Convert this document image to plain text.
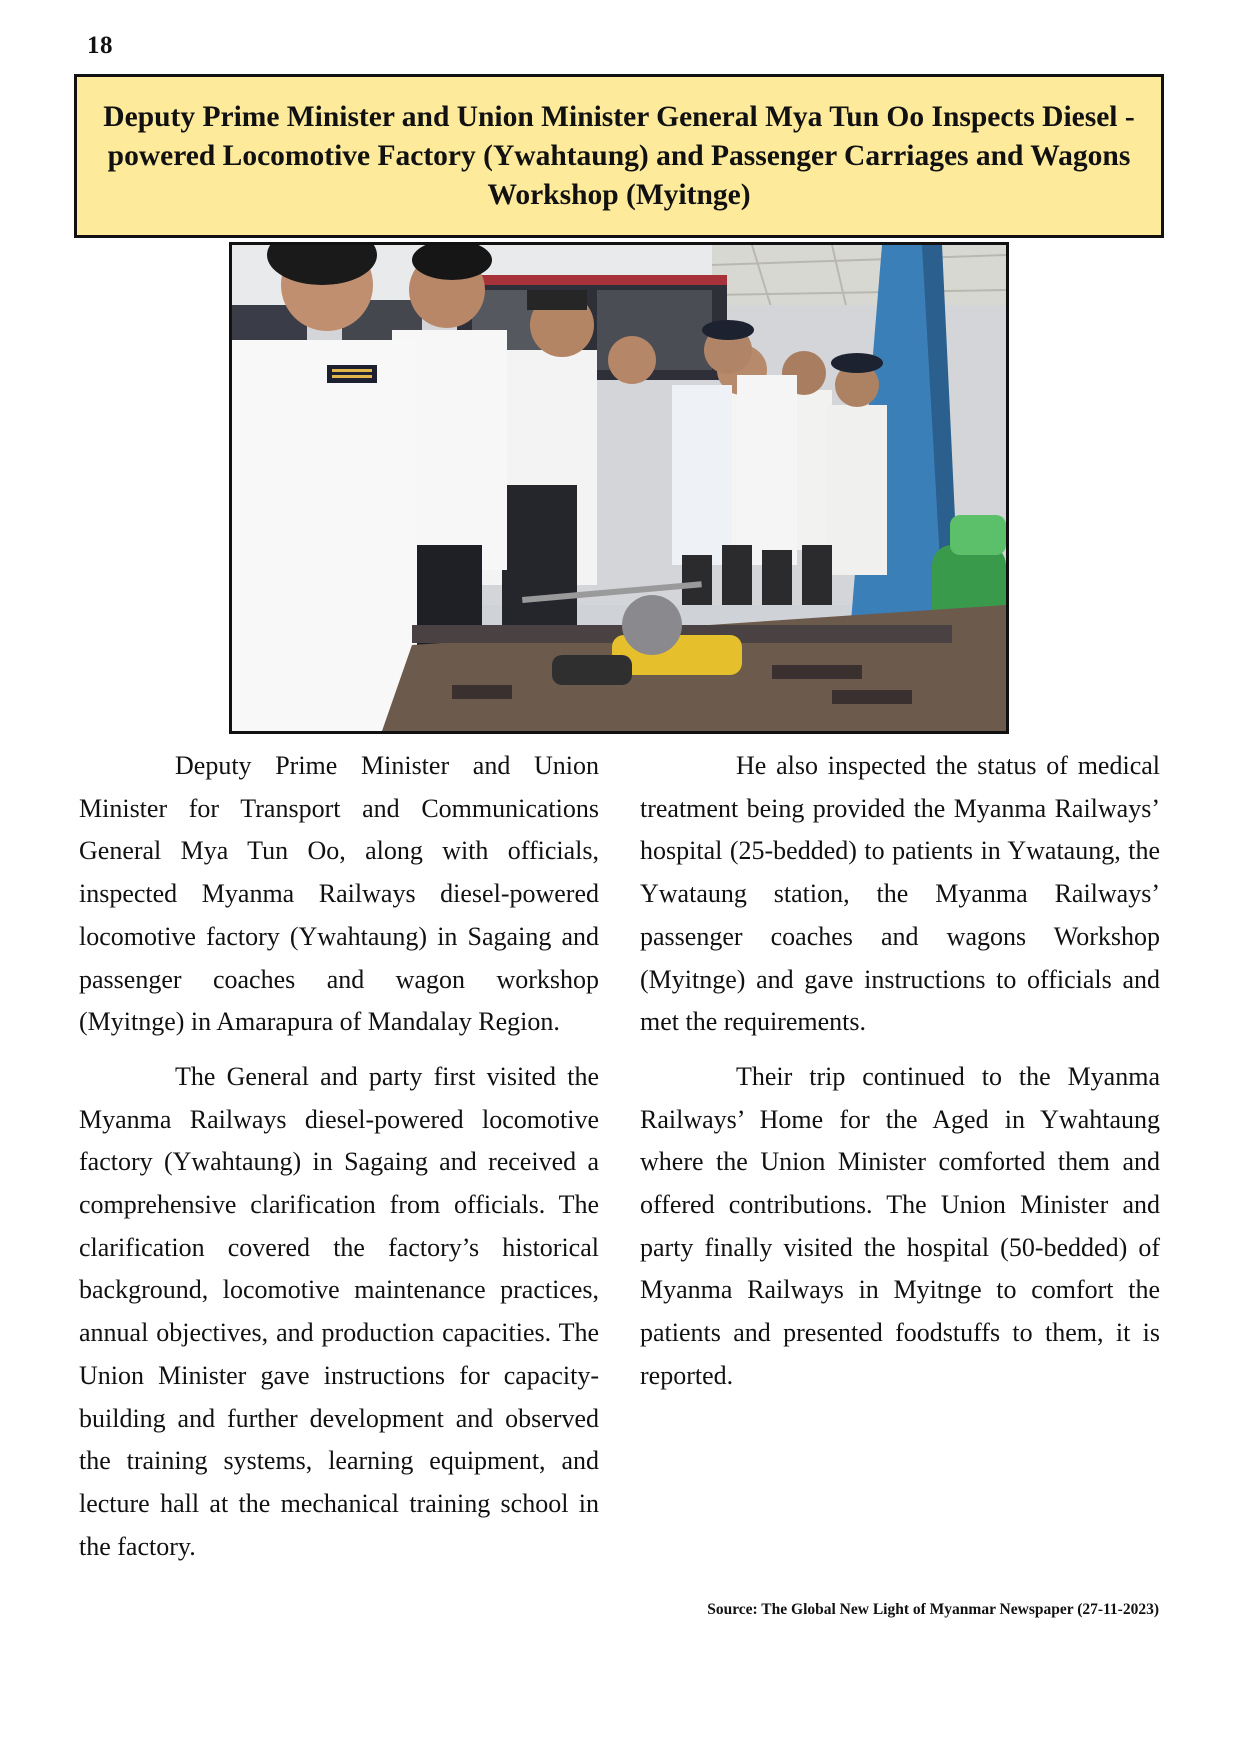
18
Deputy Prime Minister and Union Minister General Mya Tun Oo Inspects Diesel -powered Locomotive Factory (Ywahtaung) and Passenger Carriages and Wagons Workshop (Myitnge)

Deputy Prime Minister and Union Minister for Transport and Communications General Mya Tun Oo, along with officials, inspected Myanma Railways diesel-powered locomotive factory (Ywahtaung) in Sagaing and passenger coaches and wagon workshop (Myitnge) in Amarapura of Mandalay Region.

The General and party first visited the Myanma Railways diesel-powered locomotive factory (Ywahtaung) in Sagaing and received a comprehensive clarification from officials. The clarification covered the factory’s historical background, locomotive maintenance practices, annual objectives, and production capacities. The Union Minister gave instructions for capacity-building and further development and observed the training systems, learning equipment, and lecture hall at the mechanical training school in the factory.

He also inspected the status of medical treatment being provided the Myanma Railways’ hospital (25-bedded) to patients in Ywataung, the Ywataung station, the Myanma Railways’ passenger coaches and wagons Workshop (Myitnge) and gave instructions to officials and met the requirements.

Their trip continued to the Myanma Railways’ Home for the Aged in Ywahtaung where the Union Minister comforted them and offered contributions. The Union Minister and party finally visited the hospital (50-bedded) of Myanma Railways in Myitnge to comfort the patients and presented foodstuffs to them, it is reported.

Source: The Global New Light of Myanmar Newspaper (27-11-2023)
